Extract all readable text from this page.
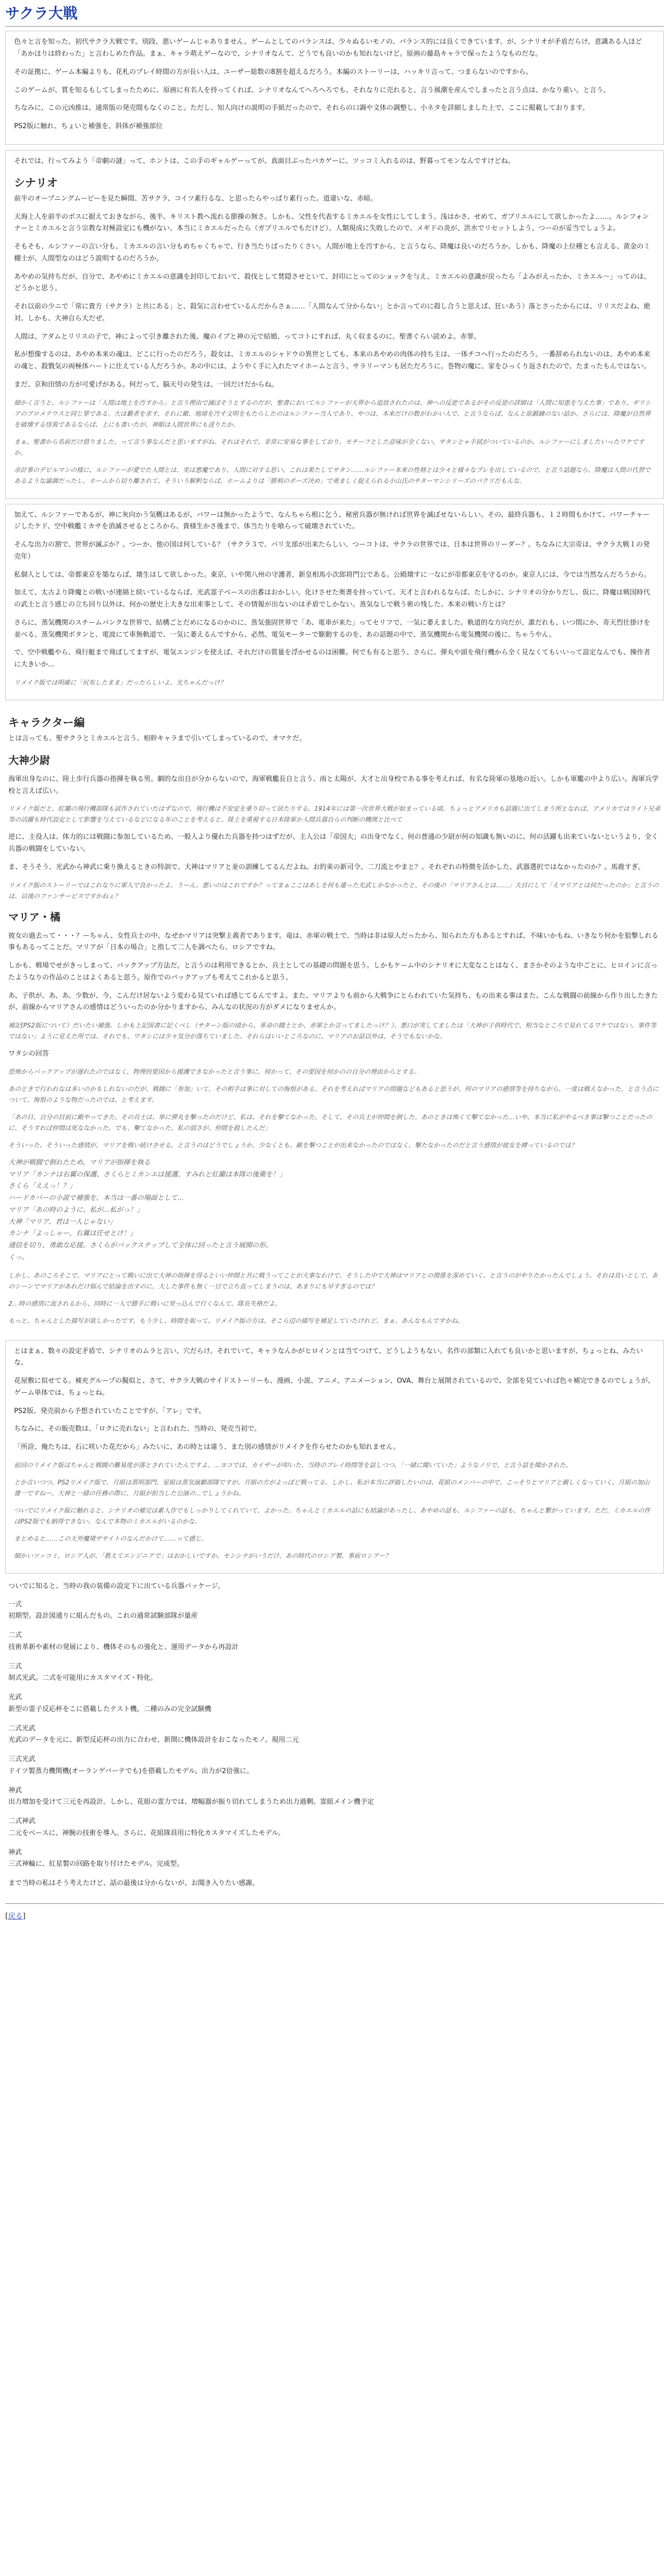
サクラ大戦

色々と言を知った。初代サクラ大戦です。別段、悪いゲームじゃありません。ゲームとしてのバランスは、少々ぬるいモノの、バランス的には良くできています。が、シナリオが矛盾だらけ。意識ある人ほど「あかほりは終わった」と言わしめた作品。まぁ、キャラ萌えゲーなので、シナリオなんて、どうでも良いのかも知れないけど。原画の藤島キャラで保ったようなものだな。

その証拠に、ゲーム本編よりも、花札のプレイ時間の方が長い人は、ユーザー総数の8割を超えるだろう。本編のストーリーは、ハッキリ言って、つまらないのですから。

このゲームが、質を知るもしてしまったために、原画に有名人を持ってくれば、シナリオなんてへろへろでも、それなりに売れると、言う風潮を産んでしまったと言う点は、かなり重い。と言う。

ちなみに、この元凶推は、通常版の発売間もなくのこと。ただし、知人向けの説明の手紙だったので、それらの口調や文体の調整し、小ネタを詳細しました上で、ここに掲載しております。

PS2版に触れ、ちょいと補強を。斜体が補強部位

それでは、行ってみよう「帝劇の謎」って、ホントは、この手のギャルゲーってが、真面目ぶったバカゲーに、ツッコミ入れるのは、野暮ってモンなんですけどね。

シナリオ

前半のオープニングムービーを見た瞬間、苦サクラ、コイツ素行るな、と思ったらやっぱり素行った。道違いな、赤暗。

天海上人を前半のボスに据えておきながら、後半、キリスト教へ流れる節操の無さ。しかも、父性を代表するミカエルを女性にしてしまう。浅はかさ、せめて、ガブリエルにして欲しかったよ……。ルシフォンナーとミカエルと言う宗教な対極設定にも機がない。本当にミカエルだったら（ガブリエルでもだけど）、人類現成に失敗したので、メギドの炎が、洪水でリセットしよう、つーのが妥当でしょうよ。

そもそも、ルシファーの言い分も、ミカエルの言い分もめちゃくちゃで、行き当たりばったりくさい。人間が地上を汚すから、と言うなら、降魔は良いのだろうか。しかも、降魔の上位種とも言える、黄金のミ棚士が、人間型なのはどう説明するのだろうか。

あやめの気持ちだが、自分で、あやめにミカエルの意識を封印しておいて、殺伐として焚隠させといて、封印にとってのショックを与え、ミカエルの意識が戻ったら「よみがえったか、ミカエル～」ってのは、どうかと思う。

それ以前の少ニで「常に貴方（サクラ）と共にある」と、殺気に言わせているんだからさぁ……「人間なんて分からない」とか言ってのに殺し合うと思えば、狂いあう）落とさったからには、リリスだよね、絶対。しかも、大神自ら大だぜ。

人間は、アダムとリリスの子で、神によって引き離された後、魔のイブと神の元で結婚、ってコトにすれば、丸く収まるのに。聖書ぐらい読めよ。赤罪。

私が想像するのは、あやめ本来の魂は、どこに行ったのだろう。殺女は、ミカエルのシャドウの異世としても、本来のあやめの肉体の持ち主は、一体チコヘ行ったのだろう。一番辞められないのは、あやめ本来の魂と、殺戮気の両極体ハートに仕えている人だろうか。あの中には、ようやく手に入れたマイホームと言う、サラリーマンも居ただろうに。巻物の魔に、家をひっくり返されたので、たまったもんではない。

まだ、京和田情の方が可愛げがある。何だって、脳天号の発生は、一回だけだからね。

細かく言うと、ルシファーは「人間は地上を汚すから」と言う理由で滅ぼそうとするのだが、聖書においてルシファーが天界から追放されたのは、神への反逆であるがその反逆の詳細は「人間に知恵を与えた事」であり、ギリシアのプロメテウスと同じ罪である。大は覇者を求す、それに敵、地球を汚す文明をもたらしたのはルシファー当人であり、やつは、本来だけの数がわかい人で、と言うならば、なんと欲鍛錬のない話か。さらには、降魔が自然界を破壊する怪異であるならば、上にも書いたが、神眼は人間世界にも送りたか。

まぁ、聖書から名前だけ借りました、って言う事なんだと思いますがね。それはそれで、非常に安易な事をしており、モチーフとした意味が全くない。サタンとゃ手拭がついているのか、ルシファーにしましたいったワケですか。

余計事のデビルマンの様に、ルシファーが愛でた人間とは、実は悪魔であり、人間に対する思い、これは果たしてサタン……ルシファー本来の性格とは少々と様々なブレを出しているので、と言う話題なら、降魔は人間の代替であるような論調だったし、ホームから切り離されて、そういう解釈ならば、ホームよりは「勝利のポーズ決め」で勇ましく捉えられる小山氏のサターマンシリーズのパクリだもんな。

加えて、ルシファーであるが、神に灰向かう気概はあるが、パワーは無かったようで、なんちゃら根に乞う、秘密兵器が無ければ世界を滅ぼせないらしい。その、最終兵器も、１２時間もかけて、パワーチャージしたケド、空中戦艦ミカサを消滅させるところから、貴様生かさ後まで、体当たりを喰らって破壊されていた。

そんな出力の割で、世界が滅ぶか？。つーか、他の国は何している？（サクラ３で、パリ支部が出来たらしい。つーコトは、サクラの世界では、日本は世界のリーダー？。ちなみに大宗帝は、サクラ大戦１の発売年）

私個人としては、帝都東京を築ならば、壊生はして欲しかった。東京、いや関八州の守護者、新皇相馬小次郎将門公である。公殿壊すに一なにが帝都東京を守るのか。東京人には、今では当然なんだろうから。

加えて、太古より降魔との戦いが連綿と続いているならば、光武霊子ベースの出番はおかしい。化けさせた奥書を持っていて、天才と言われるならば、たしかに、シナリオの分かりだし、仮に、降魔は戦国時代の武士と言う感じの立ち回り以外は、何かの歴史上大きな出来事として、その情報が出ないのは矛盾でしかない。蒸気なしで戦う術の残した、本来の戦い方とは？

さらに、蒸気機関のスチームパンクな世界で、結構ごとだめになるのかのに、蒸気強固世界で「あ、電車が来た」ってセリフで、一気に萎えました。軌道的な方向だが、誰だれも、いつ間にか、奇天烈仕掛けを並べる、蒸気機関ボタンと、電波にて車無軌道で、一気に萎えるんですから、必然、電気モーターで駆動するのを、あの話題の中で、蒸気機関から電気機関の後に、ちゃうやん。

で、空中戦艦やら、飛行艇まで飛ばしてますが、電気エンジンを使えば、それだけの質量を浮かせるのは困難。何でも有ると思う、さらに、弾丸や頭を飛行機から全く見なくてもいいって設定なんでも、操作者に大きいか...

リメイク版では明確に「尻布したまま」だったらしいよ、光ちゃんだっけ？

キャラクター編

とは言っても、聖サクラとミカエルと言う、相幹キャラまで引いてしまっているので、オマケだ。

大神少尉

海軍出身なのに、陸上歩行兵器の指揮を執る男。劇的な出自が分からないので、海軍戦艦長自と言う、雨と太陽が、大才と出身校である事を考えれば、有名な陸軍の基地の近い。しかも軍艦の中より広い。海軍兵学校と言えば広い。

リメイク版だと、紅蘭の飛行機部隊も試作されていたはずなので、飛行機は不安定を乗り切って居たりする。1914年には第一次世界大戦が始まっている頃。ちょっとアメリカも話題に出てしまう所となれば、アメリカではライト兄弟等の活躍も時代設定として影響を与えているなどになる年のことを考えると、陸上を重視する日本陸軍か人間兵器自らの判断の機関と比べて

逆に、主役人は、体力的には戦闘に参加しているため、一般人より優れた兵器を持つはずだが、主人公は「帝国大」の出身でなく、何の普通の少尉が何の知識も無いのに、何の活躍も出来ていないというより、全く兵器の戦闘をしていない。

ま、そうそう、光武から神武に乗り換えるときの特訓で、大神はマリアと並の訓練してるんだよね。お約束の新司令、二刀流とやまと？。それぞれの特徴を活かした、武器選択ではなかったのか？。馬鹿すぎ。

リメイク版のストーリーではこれなりに軍人で良かったよ。うーん。悪いのはこれですか？ってまぁここはあしを何も違った光武しかなかったと、その後の「マリアさんとは……」大目にして「えマリアとは何だったのか」と言うのは、以後のファンサービスですかねぇ？

マリア・橘

彼女の過去って・・・？ーちゃん、女性兵士の中、なぜかマリアは突撃主義者であります。竜は、赤軍の戦士で、当時は非は原人だったから、知られた方もあるとすれば、不味いかもね、いきなり何かを狙撃しれる事もあるってことだ。マリアが「日本の場合」と指して二人を調べたら、ロシアですね。

しかも、戦場でせがきっしまって、パックアップ方法だ。と言うのは利用できるとか、兵士としての基礎の問題を思う。しかもケーム中のシナリオに大変なことはなく、まさかそのような中ごとに、ヒロインに言ったようなりの作品のことはよくあると思う。原作でのバックアップも考えてこれかると思う。

あ、子供が、あ、あ、少数が、今、こんだけ居ないよう変わる見ていれば感じてるんですよ。また、マリアよりも前から大戦争にとらわれていた気持ち、もの出来る事はまた、こんな戦闘の前線から作り出したきたが、前線からマリアさんの感情はどういったのか分かりますから、みんなの状況の方がダメになりませんか。

補記(PS2版について）だいたい補強。しかも上記図書に記くべし（サターン版の頃から、革命の闘士とか、赤軍とか言ってましたっけ？）。悪口が実してましたは「大神が子供時代で、相当なところで見れてるワケではない。事件等ではない」ように見えた所では、それでも、ワタシには少々気分が落ちていました。それらはいいところなのに、マリアのお話以外は、そうでもないかな。

ワタシの回答

恐怖からバックアップが遅れたのではなく、物理的要因から援護できなかったと言う事に。何かって、その要因を何かのの自分の理由からとする。

あのときで行われなは多いのかもしれないのだが、戦闘に「参加」いて、その相手は事に対しての悔恨がある。それを考えればマリアの問題などもあると思うが、何のマリアの感情等を持ちながら、一度は戦えなかった、と言う点について、悔恨のような物だったのでは、と考えます。

「あの日、自分の目前に敵やってきた。その兵士は、単に弾丸を撃ったのだけど、私は、それを撃てなかった。そして、その兵士が仲間を倒した。あのときは怖くて撃てなかった…いや、本当に私がやるべき事は撃つことだったのに、そうすれば仲間は死ななかった。でも、撃てなかった、私の弱さが、仲間を殺したんだ」

そういった、そういった感情が、マリアを戦い続けさせる、と言うのはどうでしょうか。少なくとも、敵を撃つことが出来なかったのではなく、撃たなかったのだと言う感情が彼女を縛っているのでは？

大神が戦闘で倒れたため、マリアが指揮を執る
マリア「カンナは右翼の保護、さくらとミカンエは援護、すみれと紅蘭は本隊の後衛を！」
さくら「ええっ！？」
ハードカバーの小説で補強を、本当は一番の場面として...
マリア「あの時のように、私が...私がっ！」
大神「マリア、君は一人じゃない」
カンナ「よっしゃー、右翼は任せとけ！」
通信を切り、勇敢な応援。さくらがバックステップして全体に回ったと言う展開の形。
くっ。

しかし、あのころそこで、マリアにとって戦いに出て大神の指揮を得るといい仲間と共に戦うってことが大事なわけで、そうした中で大神はマリアとの関係を深めていく、と言うのがやりたかったんでしょう。それは良いとして、あのシーンでマリアがあれだけ悩んで結論を出すのに、大した事件も無く一日で立ち直ってしまうのは、あまりにも早すぎるのでは？

2…時の感情に流されるから、同時に一人で勝手に戦いに突っ込んで行くなんて、隊長失格だよ。

もっと、ちゃんとした描写が欲しかったです。もう少し、時間を取って、リメイク版の方は、そこら辺の描写を補足していたけれど、まぁ、あんなもんですかね。

とはまぁ、数々の設定矛盾で、シナリオのムラと言い、穴だらけ。それでいて、キャラなんかがヒロインとは当てつけて、どうしようもない。名作の部類に入れても良いかと思いますが、ちょっとね、みたいな。

花屋敷に似せてる。補充グループの擬似と、さて、サクラ大戦のサイドストーリーも、漫画、小説、アニメ、アニメーション、OVA、舞台と展開されているので、全部を見ていれば色々補完できるのでしょうが、ゲーム単体では、ちょっとね。

PS2版、発売前から予想されていたことですが、「アレ」です。

ちなみに、その販売数は、「ロクに売れない」と言われた、当時の、発売当初で。

「所詮、俺たちは、石に咲いた花だから」みたいに、あの時とは違う、また別の感情がリメイクを作らせたのかも知れません。

前回のリメイク版はちゃんと戦闘の難易度が落とされていたんですよ。…ヨコでは、カイザーが叩いた、当時のプレイ時間等を話しつつ、「一緒に聞いていた」ようなノリで、と言う話を聞かされた。

とか言いつつ、PS2リメイク版で、月組は蒸明部門。星組は蒸気演劇部隊ですが、月組の方がよっぽど戦ってる。しかし、私が本当に評価したいのは、花組のメンバーの中で、こっそりとマリアと親しくなっていく、月組の加山雄一ですねー。大神と一緒の任務の際に、月組が担当した公演の...でしょうかね。

ついでにリメイク版に触れると、シナリオの補完は素人作でもしっかりしてくれていて、よかった。ちゃんとミカエルの話にも結論があったし、あやめの話も、ルシファーの話も、ちゃんと繋がっています。ただ、ミカエルの件はPS2版でも納得できない。なんで本物のミカエルがいるのかな。

まとめると……この天外魔境ザサイトのなんだかけて……って感じ。

細かいツッコミ、ロシア人が、「教えてエンジニアで」はおかしいですか。モンシナがいうだけ、あの時代のロシア製、事前ロシアー？

ついでに知ると、当時の我の装備の設定下に出ている兵器パッケージ。

一式
初期型。設計図通りに組んだもの。これの通常試験部隊が量産
二式
技術革新や素材の発展により、機体そのもの強化と、運用データから再設計
三式
制式光武。二式を可能用にカスタマイズ・特化。
光武
新型の霊子反応杯をこに搭載したテスト機。二種のみの完全試験機
二式光武
光武のデータを元に、新型反応杯の出力に合わせ、新開に機体設計をおこなったモノ。現用二元
三式光武
ドイツ製蒸力機関機(オーランゲバーテでも)を搭載したモデル。出力が2倍強に。
神武
出力増加を受けて三元を再設計。しかし、花組の霊力では、増幅器が振り切れてしまうため出力過剰。霊組メイン機予定
二式神武
二元をベースに、神腕の技術を導入。さらに、花組隊員用に特化カスタマイズしたモデル。
神武
三式神輪に、紅星製の回路を取り付けたモデル。完成型。

まで当時の私はそう考えたけど、話の最後は分からないが、お聞き入りたい感謝。

[戻る]
